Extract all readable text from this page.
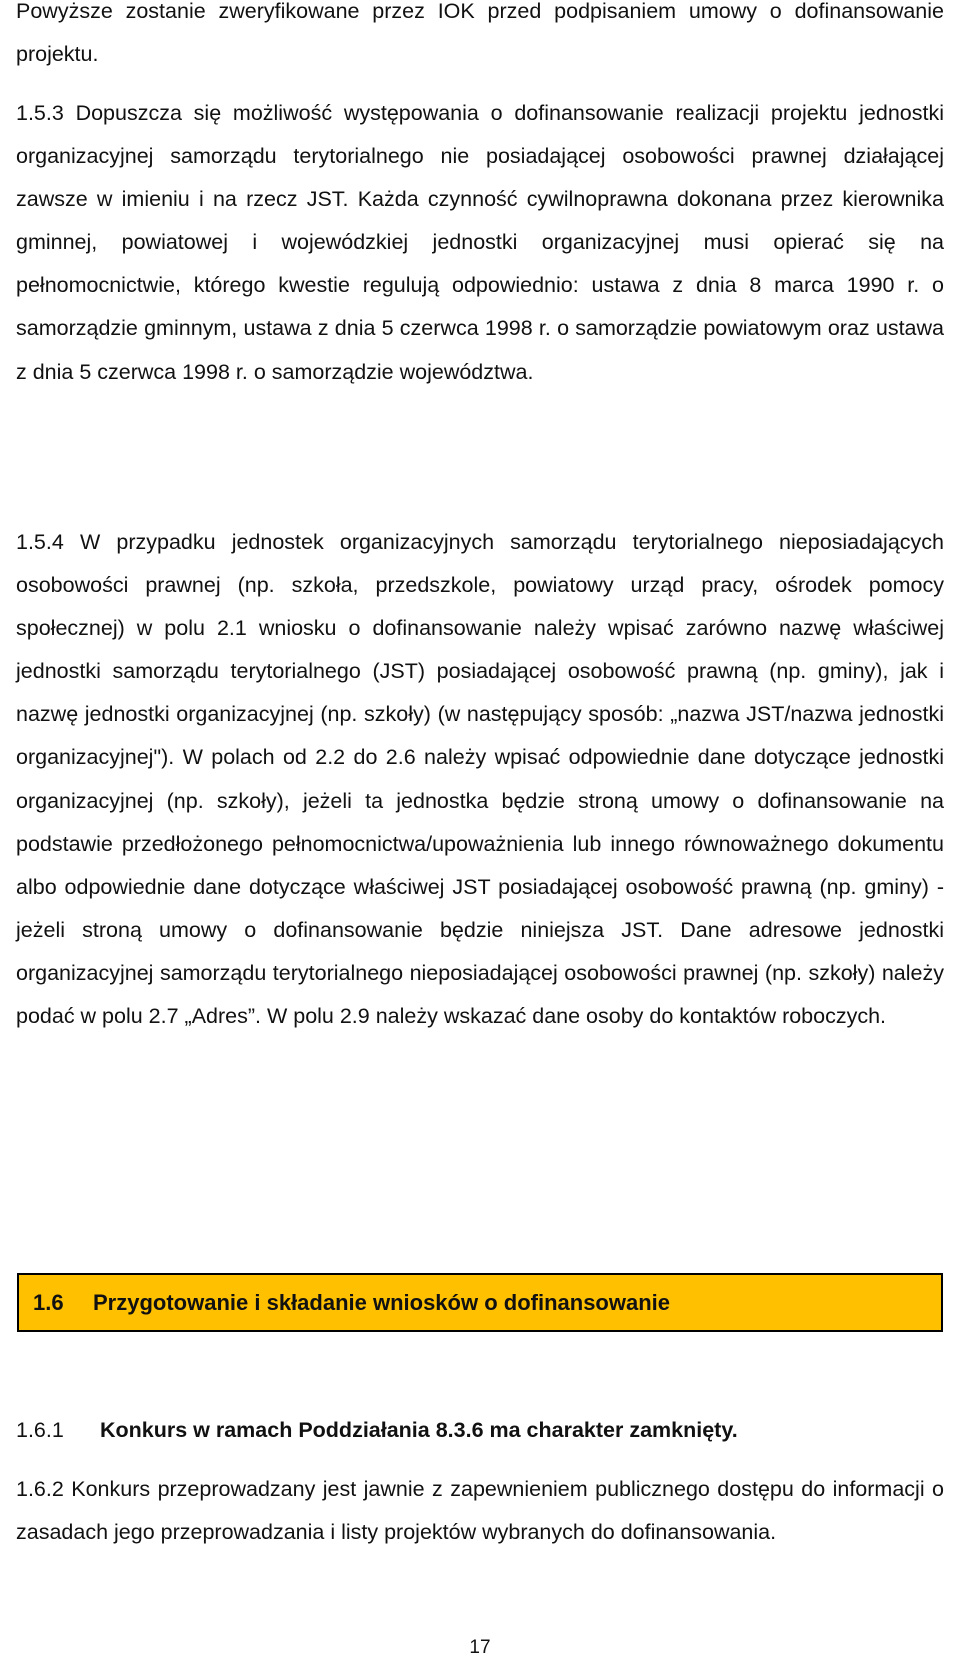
Powyższe zostanie zweryfikowane przez IOK przed podpisaniem umowy o dofinansowanie projektu.

1.5.3 Dopuszcza się możliwość występowania o dofinansowanie realizacji projektu jednostki organizacyjnej samorządu terytorialnego nie posiadającej osobowości prawnej działającej zawsze w imieniu i na rzecz JST. Każda czynność cywilnoprawna dokonana przez kierownika gminnej, powiatowej i wojewódzkiej jednostki organizacyjnej musi opierać się na pełnomocnictwie, którego kwestie regulują odpowiednio: ustawa z dnia 8 marca 1990 r. o samorządzie gminnym, ustawa z dnia 5 czerwca 1998 r. o samorządzie powiatowym oraz ustawa z dnia 5 czerwca 1998 r. o samorządzie województwa.

1.5.4 W przypadku jednostek organizacyjnych samorządu terytorialnego nieposiadających osobowości prawnej (np. szkoła, przedszkole, powiatowy urząd pracy, ośrodek pomocy społecznej) w polu 2.1 wniosku o dofinansowanie należy wpisać zarówno nazwę właściwej jednostki samorządu terytorialnego (JST) posiadającej osobowość prawną (np. gminy), jak i nazwę jednostki organizacyjnej (np. szkoły) (w następujący sposób: „nazwa JST/nazwa jednostki organizacyjnej"). W polach od 2.2 do 2.6 należy wpisać odpowiednie dane dotyczące jednostki organizacyjnej (np. szkoły), jeżeli ta jednostka będzie stroną umowy o dofinansowanie na podstawie przedłożonego pełnomocnictwa/upoważnienia lub innego równoważnego dokumentu albo odpowiednie dane dotyczące właściwej JST posiadającej osobowość prawną (np. gminy) - jeżeli stroną umowy o dofinansowanie będzie niniejsza JST. Dane adresowe jednostki organizacyjnej samorządu terytorialnego nieposiadającej osobowości prawnej (np. szkoły) należy podać w polu 2.7 „Adres”. W polu 2.9 należy wskazać dane osoby do kontaktów roboczych.

1.6	Przygotowanie i składanie wniosków o dofinansowanie
1.6.1 Konkurs w ramach Poddziałania 8.3.6 ma charakter zamknięty.

1.6.2 Konkurs przeprowadzany jest jawnie z zapewnieniem publicznego dostępu do informacji o zasadach jego przeprowadzania i listy projektów wybranych do dofinansowania.

17
